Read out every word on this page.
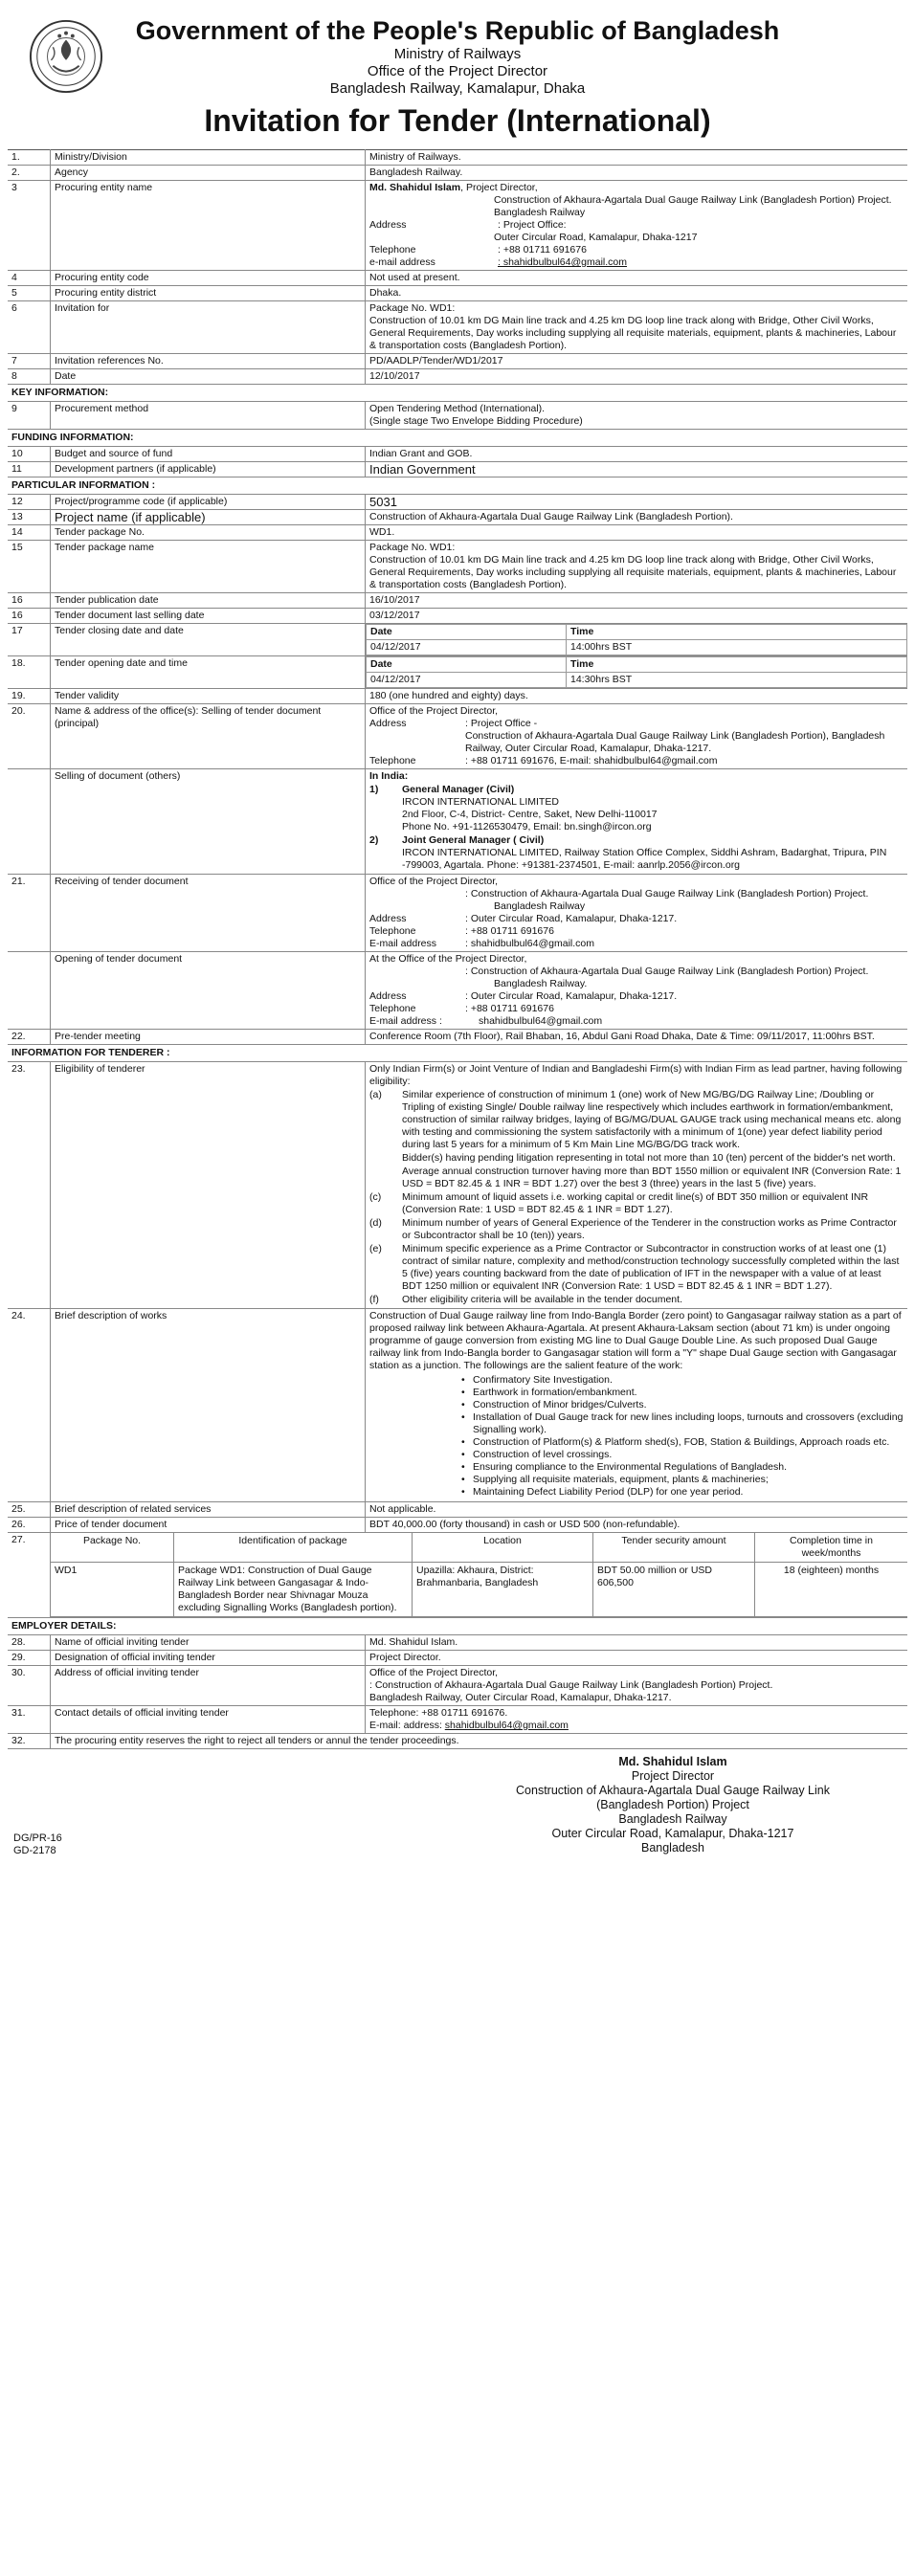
Government of the People's Republic of Bangladesh
Ministry of Railways
Office of the Project Director
Bangladesh Railway, Kamalapur, Dhaka
Invitation for Tender (International)
1.	Ministry/Division	Ministry of Railways.
2.	Agency	Bangladesh Railway.
3	Procuring entity name	Md. Shahidul Islam, Project Director,
Construction of Akhaura-Agartala Dual Gauge Railway Link (Bangladesh Portion) Project.
Bangladesh Railway
Address	: Project Office:
Outer Circular Road, Kamalapur, Dhaka-1217
Telephone	: +88 01711 691676
e-mail address	: shahidbulbul64@gmail.com

4	Procuring entity code	Not used at present.
5	Procuring entity district	Dhaka.
6	Invitation for	Package No. WD1:
Construction of 10.01 km DG Main line track and 4.25 km DG loop line track along with Bridge, Other Civil Works, General Requirements, Day works including supplying all requisite materials, equipment, plants & machineries, Labour & transportation costs (Bangladesh Portion).

7	Invitation references No.	PD/AADLP/Tender/WD1/2017
8	Date	12/10/2017
KEY INFORMATION:
9	Procurement method	Open Tendering Method (International).
(Single stage Two Envelope Bidding Procedure)

FUNDING INFORMATION:
10	Budget and source of fund	Indian Grant and GOB.
11	Development partners (if applicable)	Indian Government
PARTICULAR INFORMATION :
12	Project/programme code (if applicable)	5031
13	Project name (if applicable)	Construction of Akhaura-Agartala Dual Gauge Railway Link (Bangladesh Portion).
14	Tender package No.	WD1.
15	Tender package name	Package No. WD1:
Construction of 10.01 km DG Main line track and 4.25 km DG loop line track along with Bridge, Other Civil Works, General Requirements, Day works including supplying all requisite materials, equipment, plants & machineries, Labour & transportation costs (Bangladesh Portion).

16	Tender publication date	16/10/2017
16	Tender document last selling date	03/12/2017
17	Tender closing date and date		Date	Time
04/12/2017	14:00hrs BST

18.	Tender opening date and time		Date	Time
04/12/2017	14:30hrs BST

19.	Tender validity	180 (one hundred and eighty) days.
20.	Name & address of the office(s): Selling of tender document (principal)	
Office of the Project Director,
Address	: Project Office -
Construction of Akhaura-Agartala Dual Gauge Railway Link (Bangladesh Portion), Bangladesh Railway, Outer Circular Road, Kamalapur, Dhaka-1217.
Telephone	: +88 01711 691676, E-mail: shahidbulbul64@gmail.com

	Selling of document (others)	In India:
1)	General Manager (Civil)
IRCON INTERNATIONAL LIMITED
2nd Floor, C-4, District- Centre, Saket, New Delhi-110017
Phone No. +91-1126530479, Email: bn.singh@ircon.org
2)	Joint General Manager ( Civil)
IRCON INTERNATIONAL LIMITED, Railway Station Office Complex, Siddhi Ashram, Badarghat, Tripura, PIN -799003, Agartala. Phone: +91381-2374501, E-mail: aanrlp.2056@ircon.org

21.	Receiving of tender document	Office of the Project Director,
: Construction of Akhaura-Agartala Dual Gauge Railway Link (Bangladesh Portion) Project.
Bangladesh Railway
Address	: Outer Circular Road, Kamalapur, Dhaka-1217.
Telephone	: +88 01711 691676
E-mail address	: shahidbulbul64@gmail.com

	Opening of tender document	At the Office of the Project Director,
: Construction of Akhaura-Agartala Dual Gauge Railway Link (Bangladesh Portion) Project.
Bangladesh Railway.
Address	: Outer Circular Road, Kamalapur, Dhaka-1217.
Telephone	: +88 01711 691676
E-mail address :	shahidbulbul64@gmail.com

22.	Pre-tender meeting	Conference Room (7th Floor), Rail Bhaban, 16, Abdul Gani Road Dhaka, Date & Time: 09/11/2017, 11:00hrs BST.
INFORMATION FOR TENDERER :
23.	Eligibility of tenderer	Only Indian Firm(s) or Joint Venture of Indian and Bangladeshi Firm(s) with Indian Firm as lead partner, having following eligibility:
(a)	Similar experience of construction of minimum 1 (one) work of New MG/BG/DG Railway Line; /Doubling or Tripling of existing Single/ Double railway line respectively which includes earthwork in formation/embankment, construction of similar railway bridges, laying of BG/MG/DUAL GAUGE track using mechanical means etc. along with testing and commissioning the system satisfactorily with a minimum of 1(one) year defect liability period during last 5 years for a minimum of 5 Km Main Line MG/BG/DG track work.
Bidder(s) having pending litigation representing in total not more than 10 (ten) percent of the bidder's net worth.
Average annual construction turnover having more than BDT 1550 million or equivalent INR (Conversion Rate: 1 USD = BDT 82.45 & 1 INR = BDT 1.27) over the best 3 (three) years in the last 5 (five) years.
(c)	Minimum amount of liquid assets i.e. working capital or credit line(s) of BDT 350 million or equivalent INR (Conversion Rate: 1 USD = BDT 82.45 & 1 INR = BDT 1.27).
(d)	Minimum number of years of General Experience of the Tenderer in the construction works as Prime Contractor or Subcontractor shall be 10 (ten)) years.
(e)	Minimum specific experience as a Prime Contractor or Subcontractor in construction works of at least one (1) contract of similar nature, complexity and method/construction technology successfully completed within the last 5 (five) years counting backward from the date of publication of IFT in the newspaper with a value of at least BDT 1250 million or equivalent INR (Conversion Rate: 1 USD = BDT 82.45 & 1 INR = BDT 1.27).
(f)	Other eligibility criteria will be available in the tender document.

24.	Brief description of works	Construction of Dual Gauge railway line from Indo-Bangla Border (zero point) to Gangasagar railway station as a part of proposed railway link between Akhaura-Agartala. At present Akhaura-Laksam section (about 71 km) is under ongoing programme of gauge conversion from existing MG line to Dual Gauge Double Line. As such proposed Dual Gauge railway link from Indo-Bangla border to Gangasagar station will form a "Y" shape Dual Gauge section with Gangasagar station as a junction. The followings are the salient feature of the work:
• Confirmatory Site Investigation.
• Earthwork in formation/embankment.
• Construction of Minor bridges/Culverts.
• Installation of Dual Gauge track for new lines including loops, turnouts and crossovers (excluding Signalling work).
• Construction of Platform(s) & Platform shed(s), FOB, Station & Buildings, Approach roads etc.
• Construction of level crossings.
• Ensuring compliance to the Environmental Regulations of Bangladesh.
• Supplying all requisite materials, equipment, plants & machineries;
• Maintaining Defect Liability Period (DLP) for one year period.

25.	Brief description of related services	Not applicable.
26.	Price of tender document	BDT 40,000.00 (forty thousand) in cash or USD 500 (non-refundable).
27.		Package No.	Identification of package	Location	Tender security amount	Completion time in week/months
WD1	Package WD1: Construction of Dual Gauge Railway Link between Gangasagar & Indo-Bangladesh Border near Shivnagar Mouza excluding Signalling Works (Bangladesh portion).	Upazilla: Akhaura, District: Brahmanbaria, Bangladesh	BDT 50.00 million or USD 606,500	18 (eighteen) months

EMPLOYER DETAILS:
28.	Name of official inviting tender	Md. Shahidul Islam.
29.	Designation of official inviting tender	Project Director.
30.	Address of official inviting tender	Office of the Project Director,
: Construction of Akhaura-Agartala Dual Gauge Railway Link (Bangladesh Portion) Project.
Bangladesh Railway, Outer Circular Road, Kamalapur, Dhaka-1217.

31.	Contact details of official inviting tender	Telephone: +88 01711 691676.
E-mail: address: shahidbulbul64@gmail.com

32.	The procuring entity reserves the right to reject all tenders or annul the tender proceedings.
Md. Shahidul Islam
Project Director
Construction of Akhaura-Agartala Dual Gauge Railway Link
(Bangladesh Portion) Project
Bangladesh Railway
Outer Circular Road, Kamalapur, Dhaka-1217
Bangladesh
DG/PR-16
GD-2178
